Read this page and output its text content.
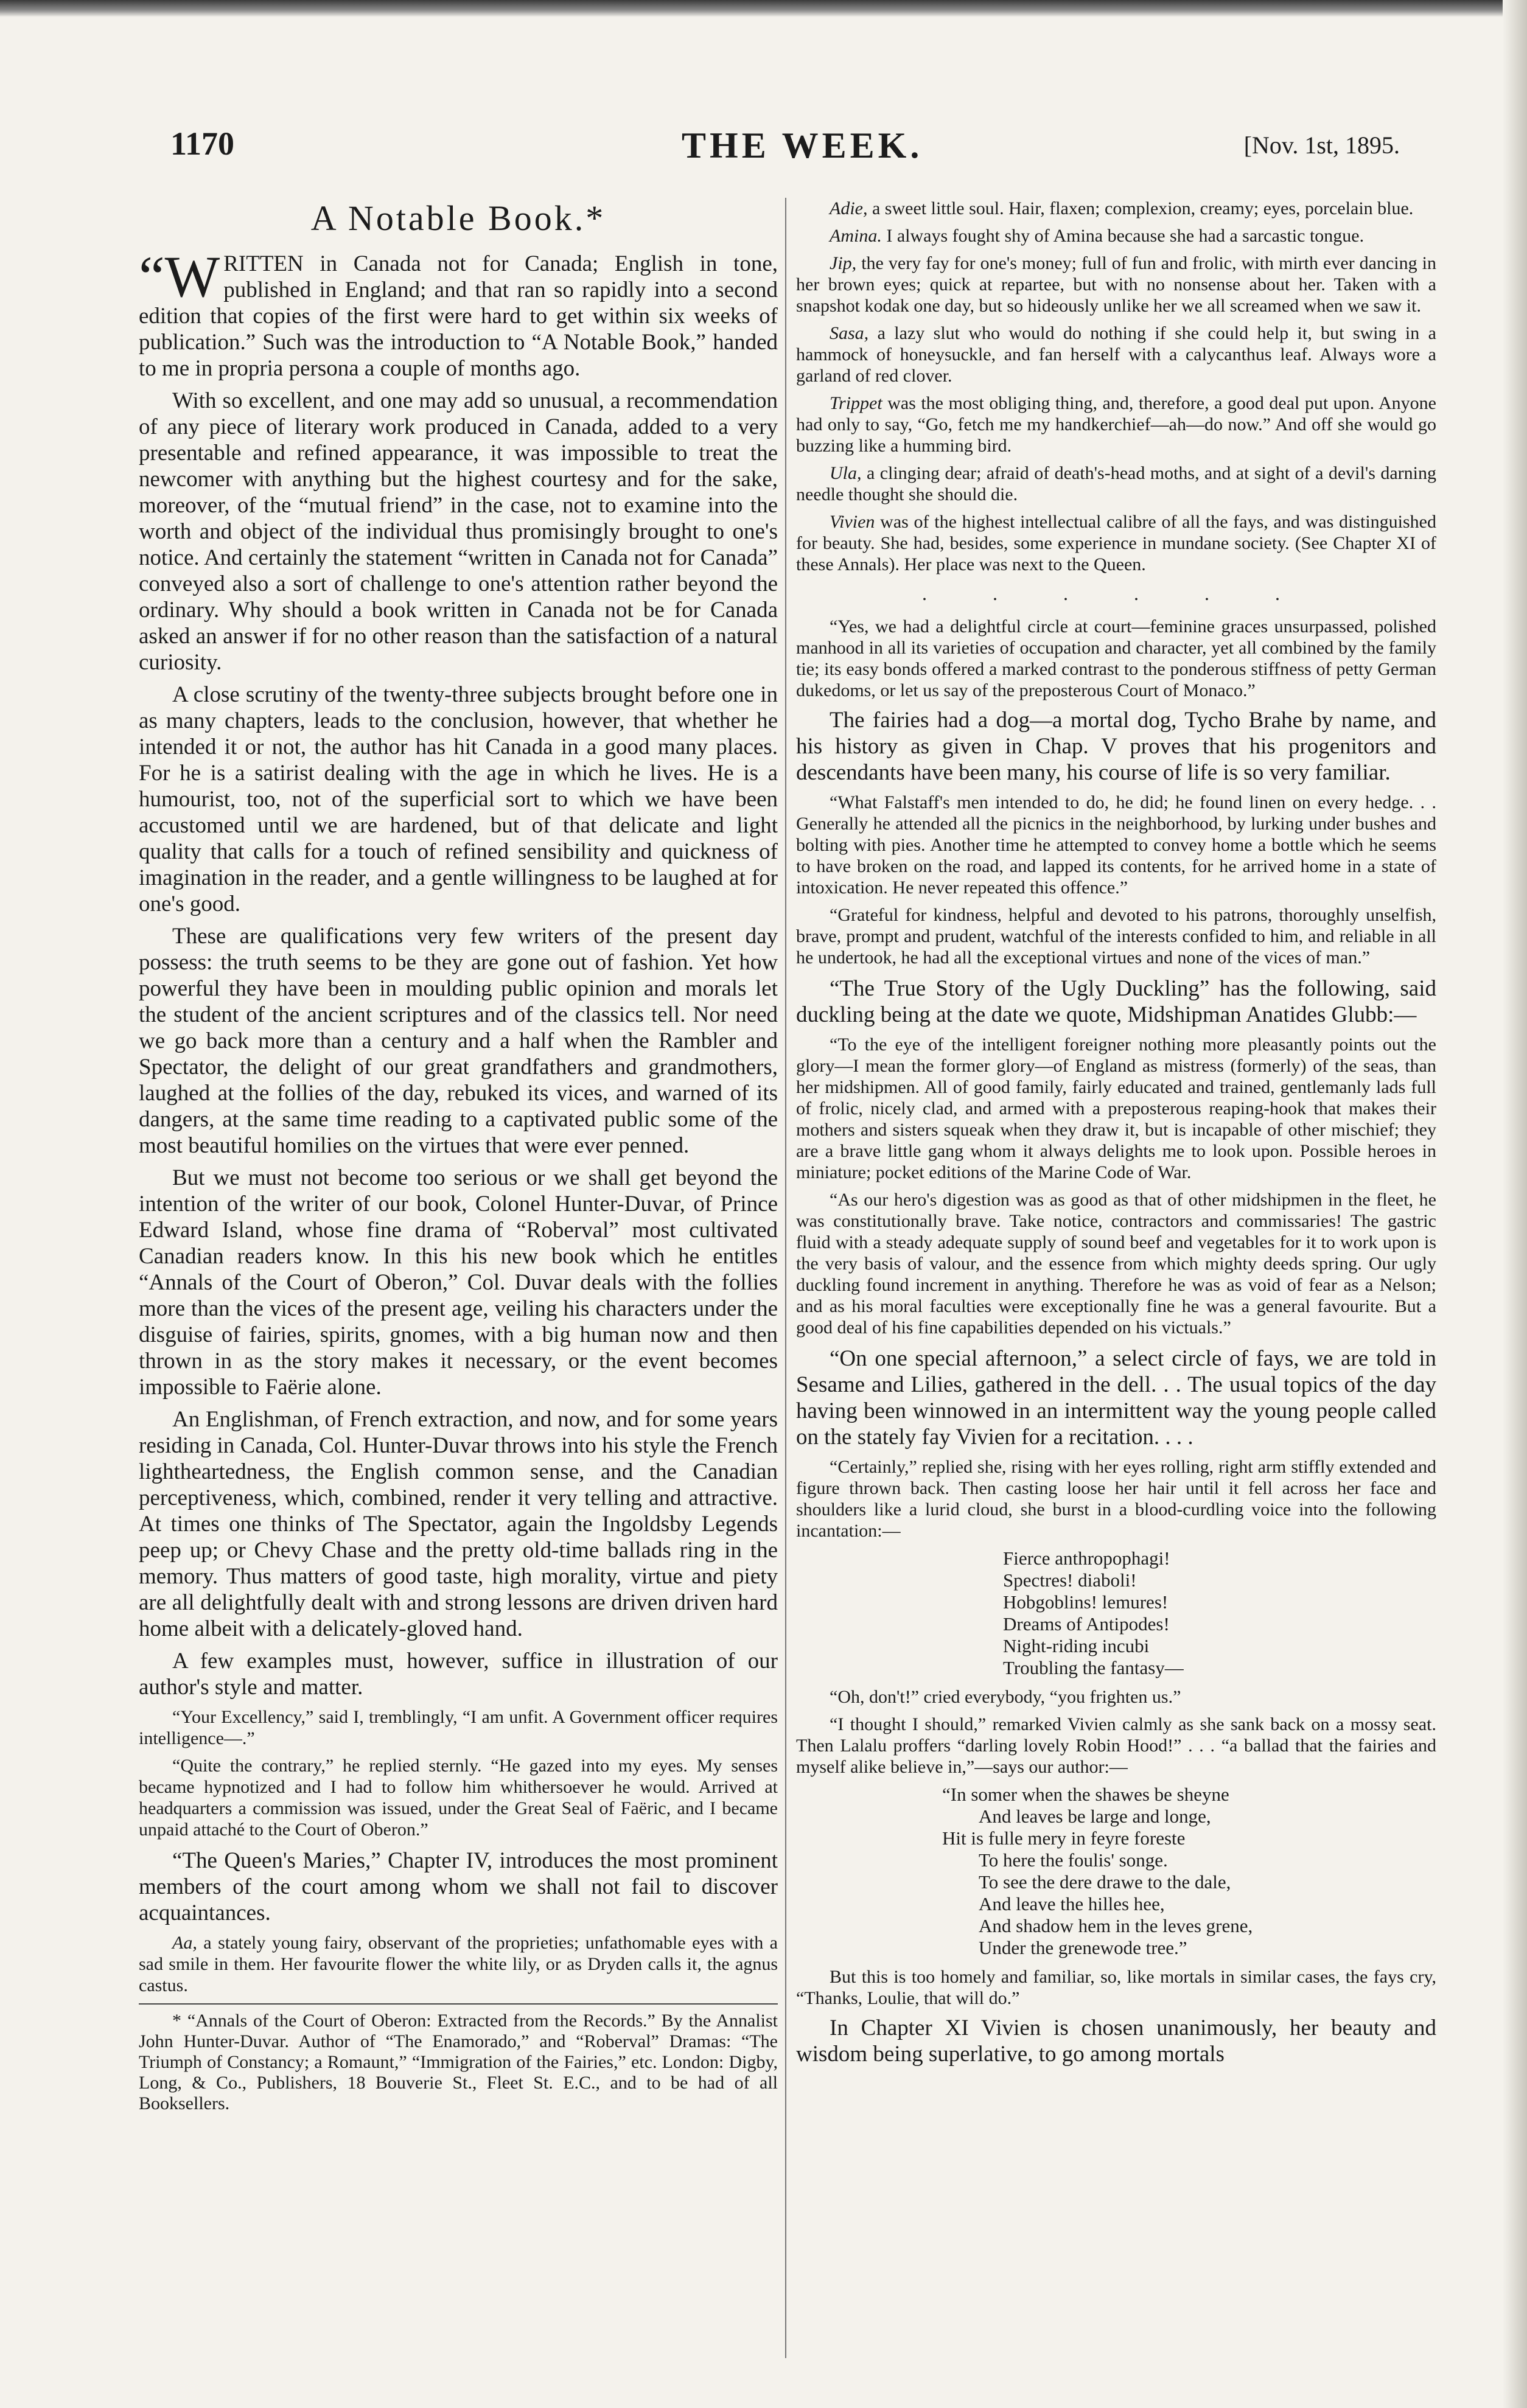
1170	THE WEEK.	[Nov. 1st, 1895.
A Notable Book.*

“WRITTEN in Canada not for Canada; English in tone, published in England; and that ran so rapidly into a second edition that copies of the first were hard to get within six weeks of publication.” Such was the introduction to “A Notable Book,” handed to me in propria persona a couple of months ago.

With so excellent, and one may add so unusual, a recommendation of any piece of literary work produced in Canada, added to a very presentable and refined appearance, it was impossible to treat the newcomer with anything but the highest courtesy and for the sake, moreover, of the “mutual friend” in the case, not to examine into the worth and object of the individual thus promisingly brought to one's notice. And certainly the statement “written in Canada not for Canada” conveyed also a sort of challenge to one's attention rather beyond the ordinary. Why should a book written in Canada not be for Canada asked an answer if for no other reason than the satisfaction of a natural curiosity.

A close scrutiny of the twenty-three subjects brought before one in as many chapters, leads to the conclusion, however, that whether he intended it or not, the author has hit Canada in a good many places. For he is a satirist dealing with the age in which he lives. He is a humourist, too, not of the superficial sort to which we have been accustomed until we are hardened, but of that delicate and light quality that calls for a touch of refined sensibility and quickness of imagination in the reader, and a gentle willingness to be laughed at for one's good.

These are qualifications very few writers of the present day possess: the truth seems to be they are gone out of fashion. Yet how powerful they have been in moulding public opinion and morals let the student of the ancient scriptures and of the classics tell. Nor need we go back more than a century and a half when the Rambler and Spectator, the delight of our great grandfathers and grandmothers, laughed at the follies of the day, rebuked its vices, and warned of its dangers, at the same time reading to a captivated public some of the most beautiful homilies on the virtues that were ever penned.

But we must not become too serious or we shall get beyond the intention of the writer of our book, Colonel Hunter-Duvar, of Prince Edward Island, whose fine drama of “Roberval” most cultivated Canadian readers know. In this his new book which he entitles “Annals of the Court of Oberon,” Col. Duvar deals with the follies more than the vices of the present age, veiling his characters under the disguise of fairies, spirits, gnomes, with a big human now and then thrown in as the story makes it necessary, or the event becomes impossible to Faërie alone.

An Englishman, of French extraction, and now, and for some years residing in Canada, Col. Hunter-Duvar throws into his style the French lightheartedness, the English common sense, and the Canadian perceptiveness, which, combined, render it very telling and attractive. At times one thinks of The Spectator, again the Ingoldsby Legends peep up; or Chevy Chase and the pretty old-time ballads ring in the memory. Thus matters of good taste, high morality, virtue and piety are all delightfully dealt with and strong lessons are driven driven hard home albeit with a delicately-gloved hand.

A few examples must, however, suffice in illustration of our author's style and matter.

“Your Excellency,” said I, tremblingly, “I am unfit. A Government officer requires intelligence—.”

“Quite the contrary,” he replied sternly. “He gazed into my eyes. My senses became hypnotized and I had to follow him whithersoever he would. Arrived at headquarters a commission was issued, under the Great Seal of Faëric, and I became unpaid attaché to the Court of Oberon.”

“The Queen's Maries,” Chapter IV, introduces the most prominent members of the court among whom we shall not fail to discover acquaintances.

Aa, a stately young fairy, observant of the proprieties; unfathomable eyes with a sad smile in them. Her favourite flower the white lily, or as Dryden calls it, the agnus castus.

* “Annals of the Court of Oberon: Extracted from the Records.” By the Annalist John Hunter-Duvar. Author of “The Enamorado,” and “Roberval” Dramas: “The Triumph of Constancy; a Romaunt,” “Immigration of the Fairies,” etc. London: Digby, Long, & Co., Publishers, 18 Bouverie St., Fleet St. E.C., and to be had of all Booksellers.

Adie, a sweet little soul. Hair, flaxen; complexion, creamy; eyes, porcelain blue.

Amina. I always fought shy of Amina because she had a sarcastic tongue.

Jip, the very fay for one's money; full of fun and frolic, with mirth ever dancing in her brown eyes; quick at repartee, but with no nonsense about her. Taken with a snapshot kodak one day, but so hideously unlike her we all screamed when we saw it.

Sasa, a lazy slut who would do nothing if she could help it, but swing in a hammock of honeysuckle, and fan herself with a calycanthus leaf. Always wore a garland of red clover.

Trippet was the most obliging thing, and, therefore, a good deal put upon. Anyone had only to say, “Go, fetch me my handkerchief—ah—do now.” And off she would go buzzing like a humming bird.

Ula, a clinging dear; afraid of death's-head moths, and at sight of a devil's darning needle thought she should die.

Vivien was of the highest intellectual calibre of all the fays, and was distinguished for beauty. She had, besides, some experience in mundane society. (See Chapter XI of these Annals). Her place was next to the Queen.

. . . . . .

“Yes, we had a delightful circle at court—feminine graces unsurpassed, polished manhood in all its varieties of occupation and character, yet all combined by the family tie; its easy bonds offered a marked contrast to the ponderous stiffness of petty German dukedoms, or let us say of the preposterous Court of Monaco.”

The fairies had a dog—a mortal dog, Tycho Brahe by name, and his history as given in Chap. V proves that his progenitors and descendants have been many, his course of life is so very familiar.

“What Falstaff's men intended to do, he did; he found linen on every hedge. . . Generally he attended all the picnics in the neighborhood, by lurking under bushes and bolting with pies. Another time he attempted to convey home a bottle which he seems to have broken on the road, and lapped its contents, for he arrived home in a state of intoxication. He never repeated this offence.”

“Grateful for kindness, helpful and devoted to his patrons, thoroughly unselfish, brave, prompt and prudent, watchful of the interests confided to him, and reliable in all he undertook, he had all the exceptional virtues and none of the vices of man.”

“The True Story of the Ugly Duckling” has the following, said duckling being at the date we quote, Midshipman Anatides Glubb:—

“To the eye of the intelligent foreigner nothing more pleasantly points out the glory—I mean the former glory—of England as mistress (formerly) of the seas, than her midshipmen. All of good family, fairly educated and trained, gentlemanly lads full of frolic, nicely clad, and armed with a preposterous reaping-hook that makes their mothers and sisters squeak when they draw it, but is incapable of other mischief; they are a brave little gang whom it always delights me to look upon. Possible heroes in miniature; pocket editions of the Marine Code of War.

“As our hero's digestion was as good as that of other midshipmen in the fleet, he was constitutionally brave. Take notice, contractors and commissaries! The gastric fluid with a steady adequate supply of sound beef and vegetables for it to work upon is the very basis of valour, and the essence from which mighty deeds spring. Our ugly duckling found increment in anything. Therefore he was as void of fear as a Nelson; and as his moral faculties were exceptionally fine he was a general favourite. But a good deal of his fine capabilities depended on his victuals.”

“On one special afternoon,” a select circle of fays, we are told in Sesame and Lilies, gathered in the dell. . . The usual topics of the day having been winnowed in an intermittent way the young people called on the stately fay Vivien for a recitation. . . .

“Certainly,” replied she, rising with her eyes rolling, right arm stiffly extended and figure thrown back. Then casting loose her hair until it fell across her face and shoulders like a lurid cloud, she burst in a blood-curdling voice into the following incantation:—

Fierce anthropophagi!
Spectres! diaboli!
Hobgoblins! lemures!
Dreams of Antipodes!
Night-riding incubi
Troubling the fantasy—

“Oh, don't!” cried everybody, “you frighten us.”

“I thought I should,” remarked Vivien calmly as she sank back on a mossy seat. Then Lalalu proffers “darling lovely Robin Hood!” . . . “a ballad that the fairies and myself alike believe in,”—says our author:—

“In somer when the shawes be sheyne
And leaves be large and longe,
Hit is fulle mery in feyre foreste
To here the foulis' songe.
To see the dere drawe to the dale,
And leave the hilles hee,
And shadow hem in the leves grene,
Under the grenewode tree.”

But this is too homely and familiar, so, like mortals in similar cases, the fays cry, “Thanks, Loulie, that will do.”

In Chapter XI Vivien is chosen unanimously, her beauty and wisdom being superlative, to go among mortals
